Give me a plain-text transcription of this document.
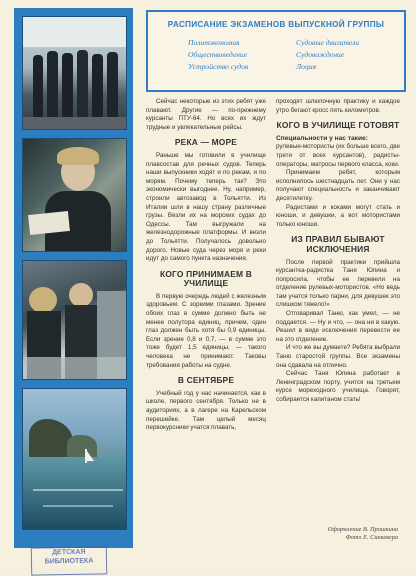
РАСПИСАНИЕ ЭКЗАМЕНОВ ВЫПУСКНОЙ ГРУППЫ
Политэкономия
Обществоведение
Устройство судов
Судовые двигатели
Судовождение
Лоция

Сейчас некоторые из этих ребят уже плавают. Другие — по-прежнему курсанты ПТУ-64. Но всех их ждут трудные и увлекательные рейсы.

РЕКА — МОРЕ

Раньше мы готовили в училище плавсостав для речных судов. Теперь наши выпускники ходят и по рекам, и по морям. Почему теперь так? Это экономически выгоднее. Ну, например, строили автозавод в Тольятти. Из Италии шли в нашу страну различные грузы. Везли их на морских судах до Одессы. Там выгружали на железнодорожные платформы. И везли до Тольятти. Получалось довольно дорого. Новые суда через моря и реки идут до самого пункта назначения.

КОГО ПРИНИМАЕМ В УЧИЛИЩЕ

В первую очередь людей с железным здоровьем. С зоркими глазами. Зрение обоих глаз в сумме должно быть не менее полутора единиц, причем, один глаз должен быть хотя бы 0,9 единицы. Если зрение 0,8 и 0,7, — в сумме это тоже будет 1,5 единицы, — такого человека не принимают. Таковы требования работы на судне.

В СЕНТЯБРЕ

Учебный год у нас начинается, как в школе, первого сентября. Только не в аудиториях, а в лагере на Карельском перешейке. Там целый месяц первокурсники учатся плавать,

проходят шлюпочную практику и каждое утро бегают кросс пять километров.

КОГО В УЧИЛИЩЕ ГОТОВЯТ
Специальности у нас такие:

рулевые-мотористы (их больше всего, две трети от всех курсантов), радисты-операторы, матросы первого класса, коки.

Принимаем ребят, которым исполнилось шестнадцать лет. Они у нас получают специальность и заканчивают десятилетку.

Радистами и коками могут стать и юноши, и девушки, а вот мотористами только юноши.

ИЗ ПРАВИЛ БЫВАЮТ ИСКЛЮЧЕНИЯ

После первой практики прийшла курсантка-радистка Таня Юпина и попросила, чтобы ее перевели на отделение рулевых-мотористов. «Но ведь там учатся только парни, для девушек это слишком тяжело!»

Отговаривал Таню, как умел, — не поддается. — Ну и что, — она ни в какую. Решил в виде исключения перевести ее на это отделение.

И что же вы думаете? Ребята выбрали Таню старостой группы. Все экзамены она сдавала на отлично.

Сейчас Таня Юпина работает в Ленинградском порту, учится на третьем курсе мореходного училища. Говорят, собирается капитаном стать!

Оформление В. Прошкина
Фото Е. Синкевера
ДЕТСКАЯ БИБЛИОТЕКА
